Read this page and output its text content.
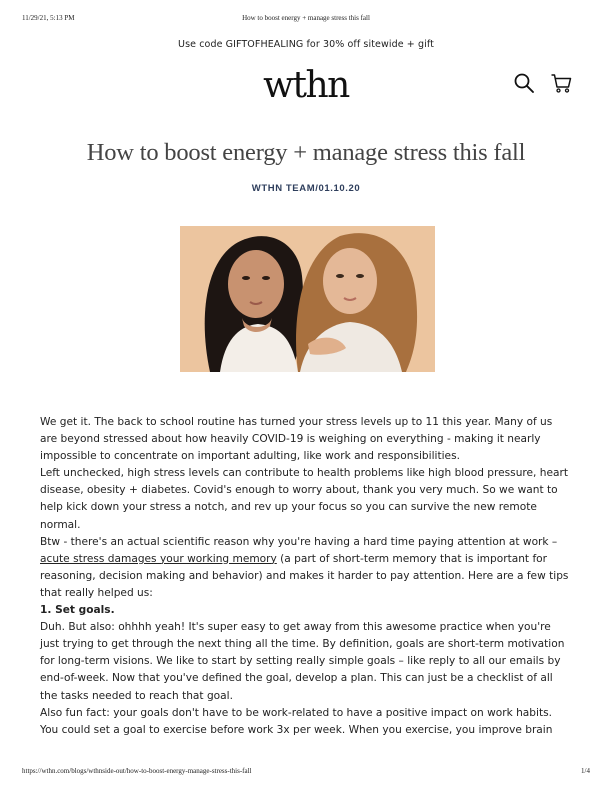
How to boost energy + manage stress this fall
11/29/21, 5:13 PM
Use code GIFTOFHEALING for 30% off sitewide + gift
wthn
How to boost energy + manage stress this fall
WTHN TEAM/01.10.20

We get it. The back to school routine has turned your stress levels up to 11 this year. Many of us are beyond stressed about how heavily COVID-19 is weighing on everything - making it nearly impossible to concentrate on important adulting, like work and responsibilities.

Left unchecked, high stress levels can contribute to health problems like high blood pressure, heart disease, obesity + diabetes. Covid's enough to worry about, thank you very much. So we want to help kick down your stress a notch, and rev up your focus so you can survive the new remote normal.

Btw - there's an actual scientific reason why you're having a hard time paying attention at work – acute stress damages your working memory (a part of short-term memory that is important for reasoning, decision making and behavior) and makes it harder to pay attention. Here are a few tips that really helped us:

1. Set goals.

Duh. But also: ohhhh yeah! It's super easy to get away from this awesome practice when you're just trying to get through the next thing all the time. By definition, goals are short-term motivation for long-term visions. We like to start by setting really simple goals – like reply to all our emails by end-of-week. Now that you've defined the goal, develop a plan. This can just be a checklist of all the tasks needed to reach that goal.

Also fun fact: your goals don't have to be work-related to have a positive impact on work habits. You could set a goal to exercise before work 3x per week. When you exercise, you improve brain

https://wthn.com/blogs/wthnside-out/how-to-boost-energy-manage-stress-this-fall	1/4
